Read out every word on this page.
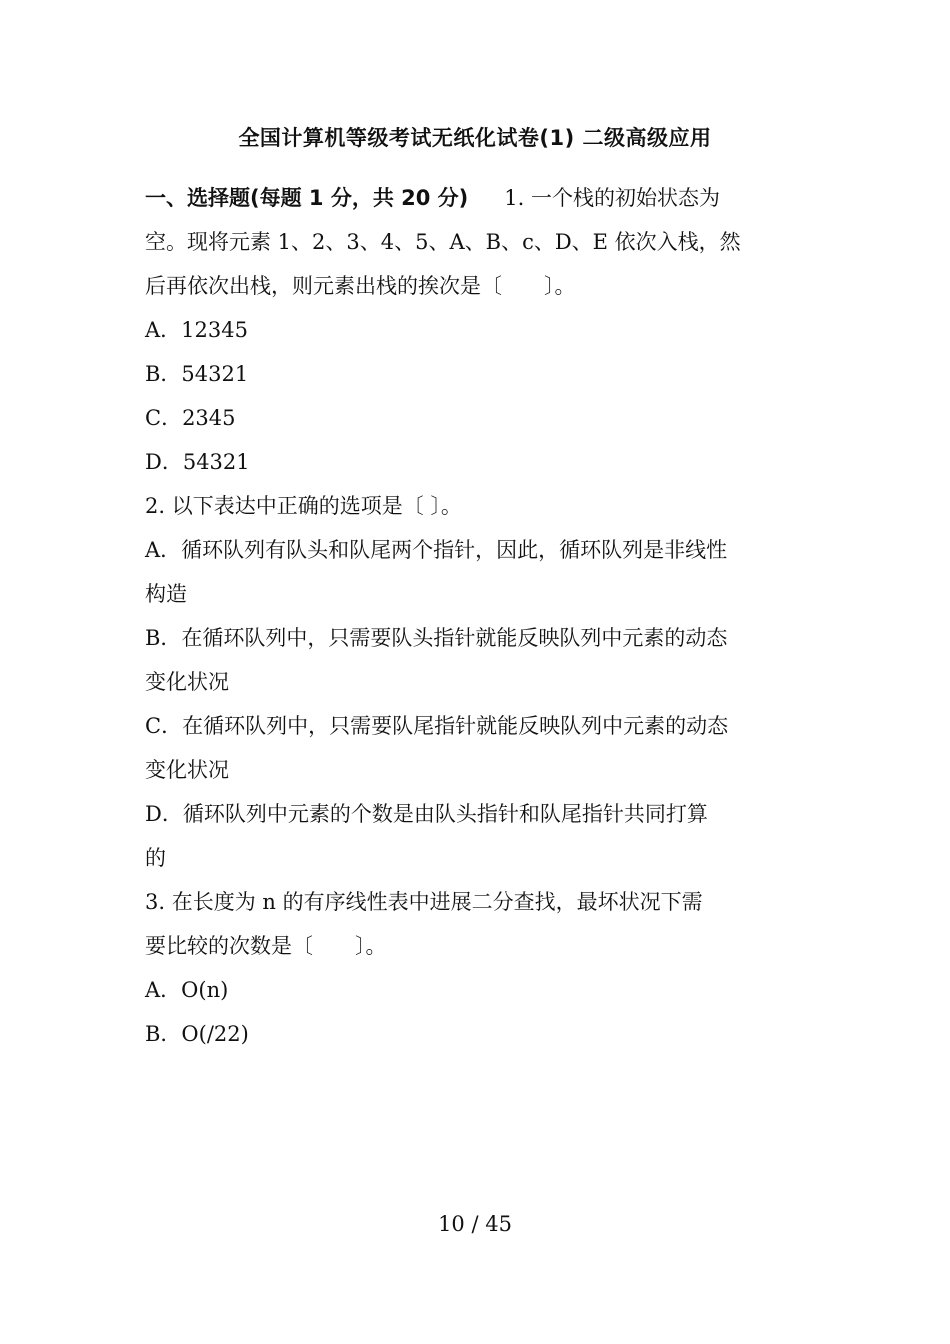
全国计算机等级考试无纸化试卷(1) 二级高级应用
一、选择题(每题 1 分，共 20 分) 1. 一个栈的初始状态为
空。现将元素 1、2、3、4、5、A、B、c、D、E 依次入栈，然
后再依次出栈，则元素出栈的挨次是〔　　〕。
A．12345
B．54321
C．2345
D．54321
2. 以下表达中正确的选项是〔 〕。
A．循环队列有队头和队尾两个指针，因此，循环队列是非线性
构造
B．在循环队列中，只需要队头指针就能反映队列中元素的动态
变化状况
C．在循环队列中，只需要队尾指针就能反映队列中元素的动态
变化状况
D．循环队列中元素的个数是由队头指针和队尾指针共同打算
的
3. 在长度为 n 的有序线性表中进展二分查找，最坏状况下需
要比较的次数是〔　　〕。
A．O(n)
B．O(/22)
10 / 45
